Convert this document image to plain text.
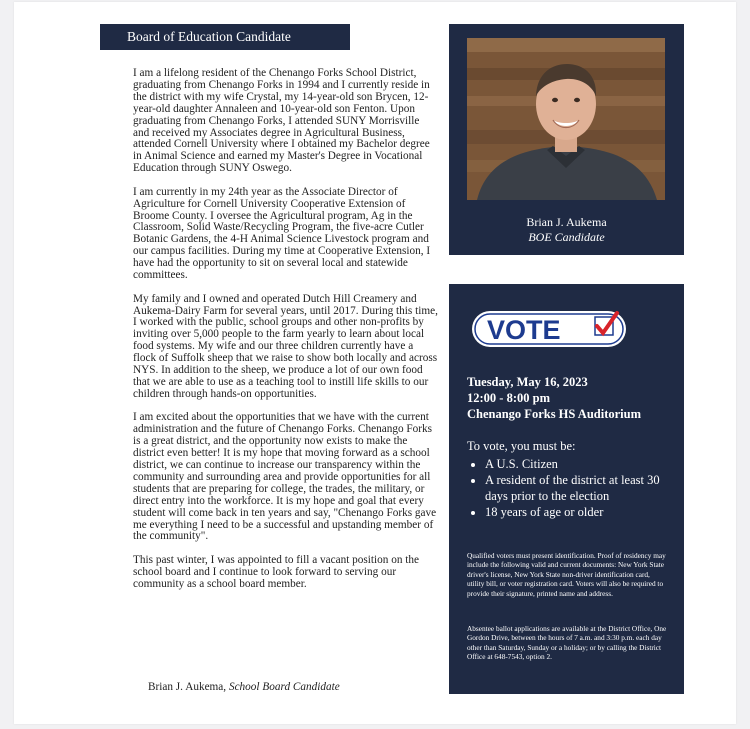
Board of Education Candidate

I am a lifelong resident of the Chenango Forks School District, graduating from Chenango Forks in 1994 and I currently reside in the district with my wife Crystal, my 14-year-old son Brycen, 12-year-old daughter Annaleen and 10-year-old son Fenton. Upon graduating from Chenango Forks, I attended SUNY Morrisville and received my Associates degree in Agricultural Business, attended Cornell University where I obtained my Bachelor degree in Animal Science and earned my Master's Degree in Vocational Education through SUNY Oswego.

I am currently in my 24th year as the Associate Director of Agriculture for Cornell University Cooperative Extension of Broome County. I oversee the Agricultural program, Ag in the Classroom, Solid Waste/Recycling Program, the five-acre Cutler Botanic Gardens, the 4-H Animal Science Livestock program and our campus facilities. During my time at Cooperative Extension, I have had the opportunity to sit on several local and statewide committees.

My family and I owned and operated Dutch Hill Creamery and Aukema-Dairy Farm for several years, until 2017. During this time, I worked with the public, school groups and other non-profits by inviting over 5,000 people to the farm yearly to learn about local food systems. My wife and our three children currently have a flock of Suffolk sheep that we raise to show both locally and across NYS. In addition to the sheep, we produce a lot of our own food that we are able to use as a teaching tool to instill life skills to our children through hands-on opportunities.

I am excited about the opportunities that we have with the current administration and the future of Chenango Forks. Chenango Forks is a great district, and the opportunity now exists to make the district even better! It is my hope that moving forward as a school district, we can continue to increase our transparency within the community and surrounding area and provide opportunities for all students that are preparing for college, the trades, the military, or direct entry into the workforce. It is my hope and goal that every student will come back in ten years and say, "Chenango Forks gave me everything I need to be a successful and upstanding member of the community".

This past winter, I was appointed to fill a vacant position on the school board and I continue to look forward to serving our community as a school board member.

Brian J. Aukema, School Board Candidate
Brian J. Aukema
BOE Candidate
VOTE
Tuesday, May 16, 2023
12:00 - 8:00 pm
Chenango Forks HS Auditorium
To vote, you must be:
• A U.S. Citizen
• A resident of the district at least 30 days prior to the election
• 18 years of age or older
Qualified voters must present identification. Proof of residency may include the following valid and current documents: New York State driver's license, New York State non-driver identification card, utility bill, or voter registration card. Voters will also be required to provide their signature, printed name and address.
Absentee ballot applications are available at the District Office, One Gordon Drive, between the hours of 7 a.m. and 3:30 p.m. each day other than Saturday, Sunday or a holiday; or by calling the District Office at 648-7543, option 2.
